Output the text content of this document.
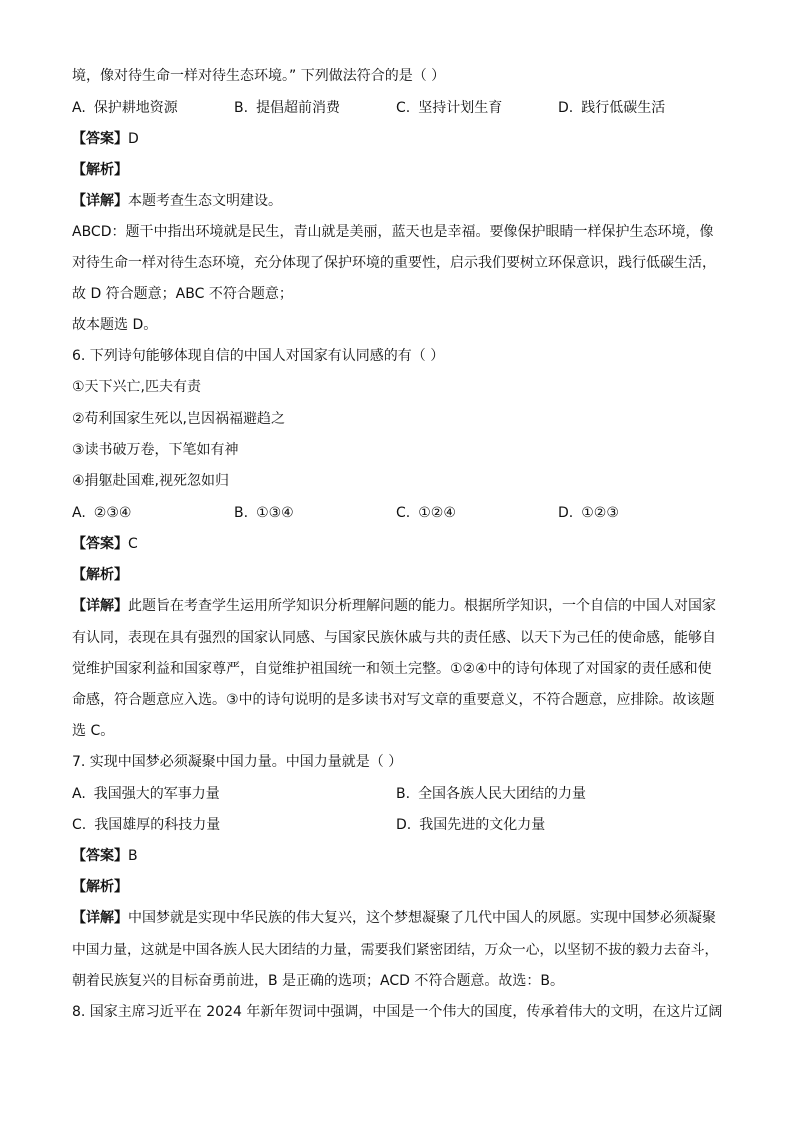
境，像对待生命一样对待生态环境。” 下列做法符合的是（ ）
A. 保护耕地资源	B. 提倡超前消费	C. 坚持计划生育	D. 践行低碳生活
【答案】D
【解析】
【详解】本题考查生态文明建设。
ABCD：题干中指出环境就是民生，青山就是美丽，蓝天也是幸福。要像保护眼睛一样保护生态环境，像
对待生命一样对待生态环境，充分体现了保护环境的重要性，启示我们要树立环保意识，践行低碳生活，
故 D 符合题意；ABC 不符合题意；
故本题选 D。
6. 下列诗句能够体现自信的中国人对国家有认同感的有（ ）
①天下兴亡,匹夫有责
②苟利国家生死以,岂因祸福避趋之
③读书破万卷，下笔如有神
④捐躯赴国难,视死忽如归
A. ②③④	B. ①③④	C. ①②④	D. ①②③
【答案】C
【解析】
【详解】此题旨在考查学生运用所学知识分析理解问题的能力。根据所学知识，一个自信的中国人对国家
有认同，表现在具有强烈的国家认同感、与国家民族休戚与共的责任感、以天下为己任的使命感，能够自
觉维护国家利益和国家尊严，自觉维护祖国统一和领土完整。①②④中的诗句体现了对国家的责任感和使
命感，符合题意应入选。③中的诗句说明的是多读书对写文章的重要意义，不符合题意，应排除。故该题
选 C。
7. 实现中国梦必须凝聚中国力量。中国力量就是（ ）
A. 我国强大的军事力量	B. 全国各族人民大团结的力量
C. 我国雄厚的科技力量	D. 我国先进的文化力量
【答案】B
【解析】
【详解】中国梦就是实现中华民族的伟大复兴，这个梦想凝聚了几代中国人的夙愿。实现中国梦必须凝聚
中国力量，这就是中国各族人民大团结的力量，需要我们紧密团结，万众一心，以坚韧不拔的毅力去奋斗，
朝着民族复兴的目标奋勇前进，B 是正确的选项；ACD 不符合题意。故选：B。
8. 国家主席习近平在 2024 年新年贺词中强调，中国是一个伟大的国度，传承着伟大的文明，在这片辽阔
